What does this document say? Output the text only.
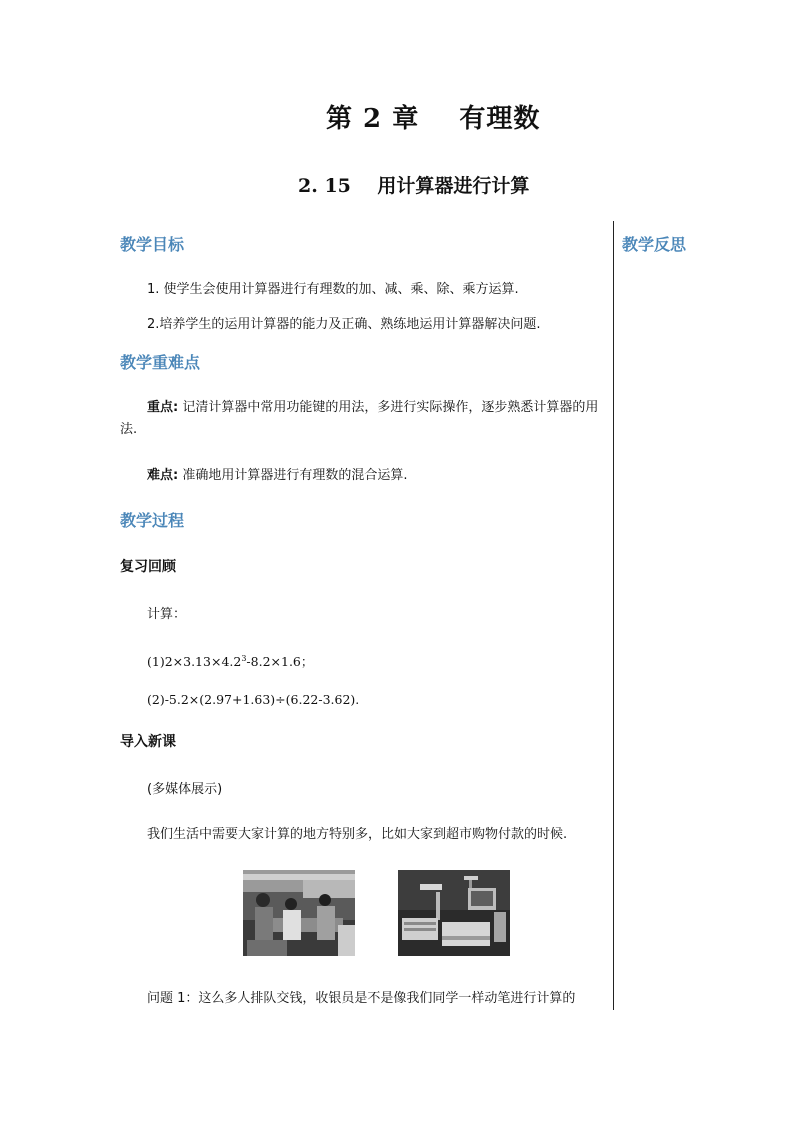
第 2 章    有理数
2. 15    用计算器进行计算
教学反思
教学目标
1. 使学生会使用计算器进行有理数的加、减、乘、除、乘方运算.
2.培养学生的运用计算器的能力及正确、熟练地运用计算器解决问题.
教学重难点
重点: 记清计算器中常用功能键的用法，多进行实际操作，逐步熟悉计算器的用法.
难点: 准确地用计算器进行有理数的混合运算.
教学过程
复习回顾
计算：
$(1)2\times 3.13\times 4.2^3-8.2\times 1.6$；
(2)-5.2×(2.97+1.63)÷(6.22-3.62).
导入新课
(多媒体展示)
我们生活中需要大家计算的地方特别多，比如大家到超市购物付款的时候.
问题 1：这么多人排队交钱，收银员是不是像我们同学一样动笔进行计算的
